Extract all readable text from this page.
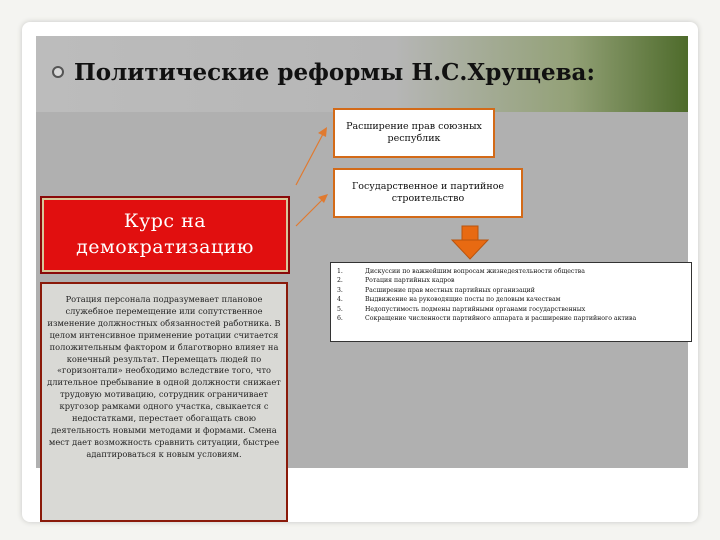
Политические реформы Н.С.Хрущева:
Курс на демократизацию
Ротация персонала подразумевает плановое служебное перемещение или сопутственное изменение должностных обязанностей работника. В целом интенсивное применение ротации считается положительным фактором и благотворно влияет на конечный результат. Перемещать людей по «горизонтали» необходимо вследствие того, что длительное пребывание в одной должности снижает трудовую мотивацию, сотрудник ограничивает кругозор рамками одного участка, свыкается с недостатками, перестает обогащать свою деятельность новыми методами и формами. Смена мест дает возможность сравнить ситуации, быстрее адаптироваться к новым условиям.
Расширение прав союзных республик
Государственное и партийное строительство
1.	Дискуссии по важнейшим вопросам жизнедеятельности общества
2.	Ротация партийных кадров
3.	Расширение прав местных партийных организаций
4.	Выдвижение на руководящие посты по деловым качествам
5.	Недопустимость подмены партийными органами государственных
6.	Сокращение численности партийного аппарата и расширение партийного актива
